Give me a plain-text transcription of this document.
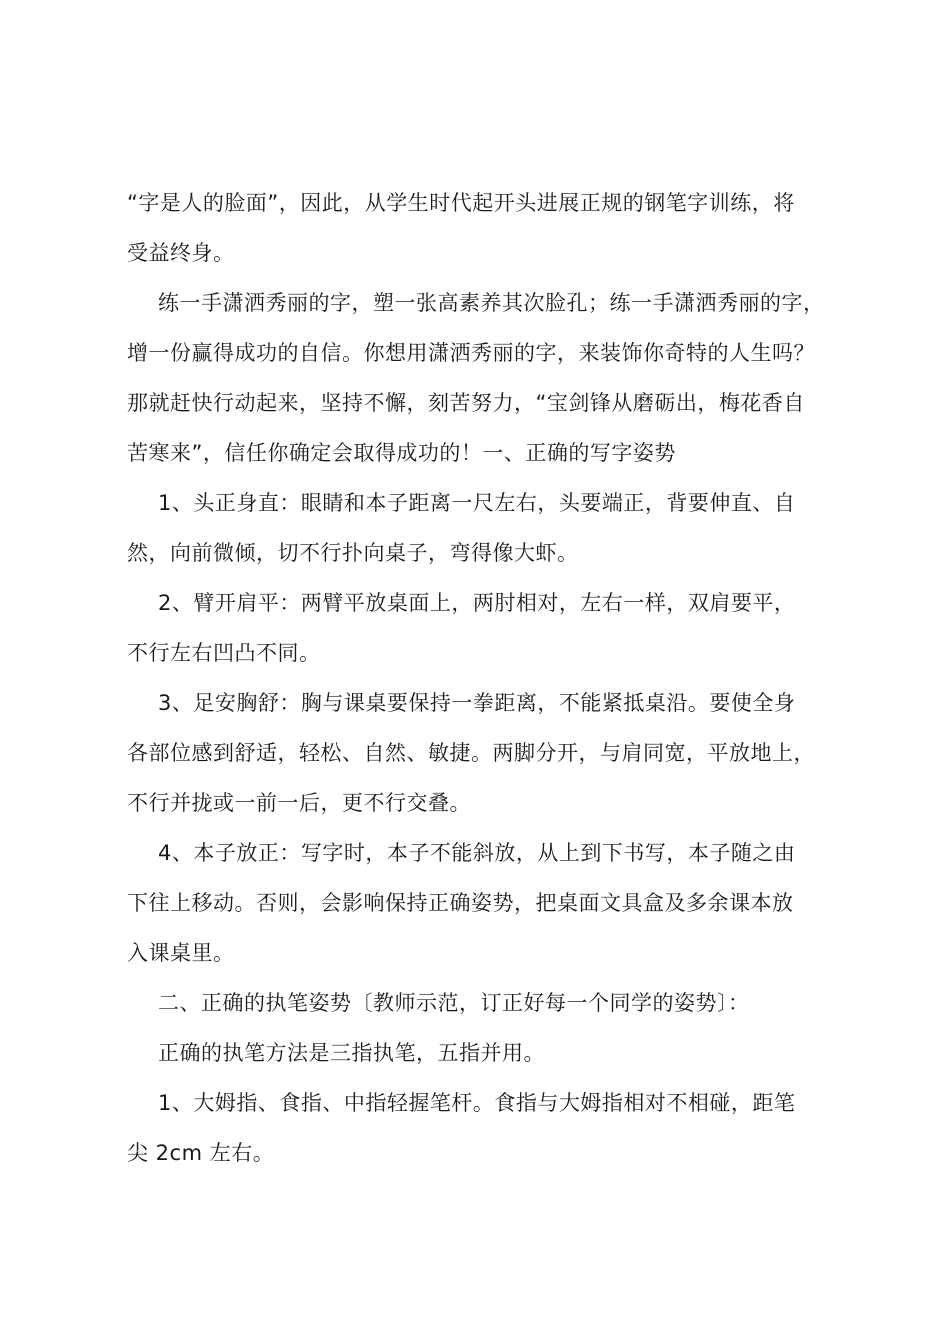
“字是人的脸面”，因此，从学生时代起开头进展正规的钢笔字训练，将
受益终身。
练一手潇洒秀丽的字，塑一张高素养其次脸孔；练一手潇洒秀丽的字，
增一份赢得成功的自信。你想用潇洒秀丽的字，来装饰你奇特的人生吗？
那就赶快行动起来，坚持不懈，刻苦努力，“宝剑锋从磨砺出，梅花香自
苦寒来”，信任你确定会取得成功的！一、正确的写字姿势
1、头正身直：眼睛和本子距离一尺左右，头要端正，背要伸直、自
然，向前微倾，切不行扑向桌子，弯得像大虾。
2、臂开肩平：两臂平放桌面上，两肘相对，左右一样，双肩要平，
不行左右凹凸不同。
3、足安胸舒：胸与课桌要保持一拳距离，不能紧抵桌沿。要使全身
各部位感到舒适，轻松、自然、敏捷。两脚分开，与肩同宽，平放地上，
不行并拢或一前一后，更不行交叠。
4、本子放正：写字时，本子不能斜放，从上到下书写，本子随之由
下往上移动。否则，会影响保持正确姿势，把桌面文具盒及多余课本放
入课桌里。
二、正确的执笔姿势〔教师示范，订正好每一个同学的姿势〕：
正确的执笔方法是三指执笔，五指并用。
1、大姆指、食指、中指轻握笔杆。食指与大姆指相对不相碰，距笔
尖 2cm 左右。
